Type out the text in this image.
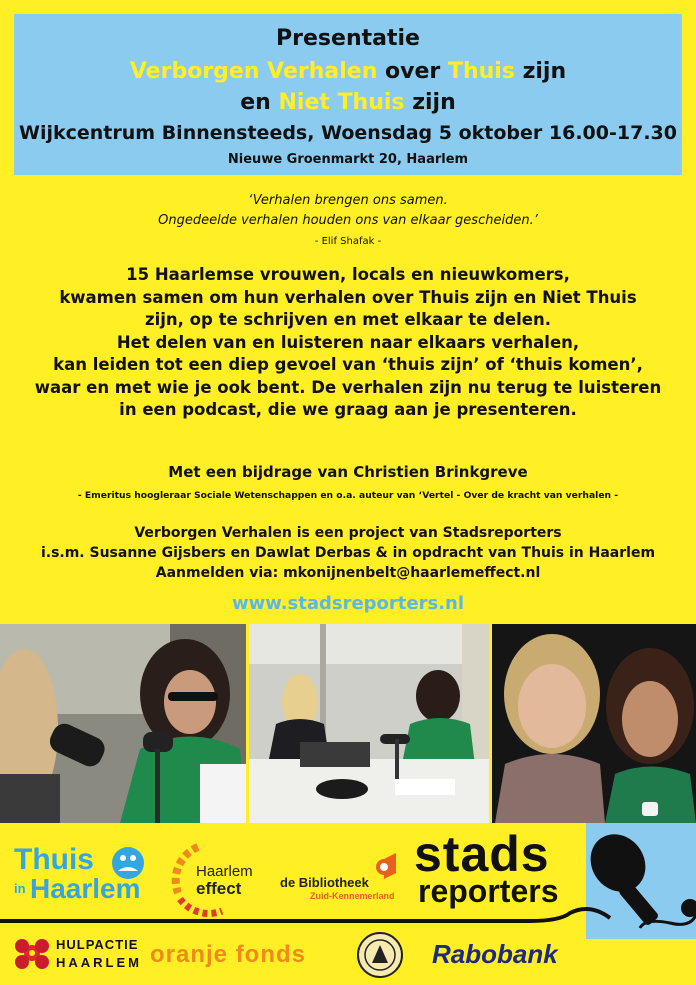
Presentatie
Verborgen Verhalen over Thuis zijn
en Niet Thuis zijn
Wijkcentrum Binnensteeds, Woensdag 5 oktober 16.00-17.30
Nieuwe Groenmarkt 20, Haarlem
‘Verhalen brengen ons samen.
Ongedeelde verhalen houden ons van elkaar gescheiden.’
- Elif Shafak -
15 Haarlemse vrouwen, locals en nieuwkomers,
kwamen samen om hun verhalen over Thuis zijn en Niet Thuis
zijn, op te schrijven en met elkaar te delen.
Het delen van en luisteren naar elkaars verhalen,
kan leiden tot een diep gevoel van ‘thuis zijn’ of ‘thuis komen’,
waar en met wie je ook bent. De verhalen zijn nu terug te luisteren
in een podcast, die we graag aan je presenteren.
Met een bijdrage van Christien Brinkgreve
- Emeritus hoogleraar Sociale Wetenschappen en o.a. auteur van ‘Vertel - Over de kracht van verhalen -
Verborgen Verhalen is een project van Stadsreporters
i.s.m. Susanne Gijsbers en Dawlat Derbas & in opdracht van Thuis in Haarlem
Aanmelden via: mkonijnenbelt@haarlemeffect.nl
www.stadsreporters.nl
Thuis
in Haarlem
Haarlem
effect	de Bibliotheek
Zuid-Kennemerland
stads
reporters
HULPACTIE
HAARLEM oranje fonds	Rabobank
